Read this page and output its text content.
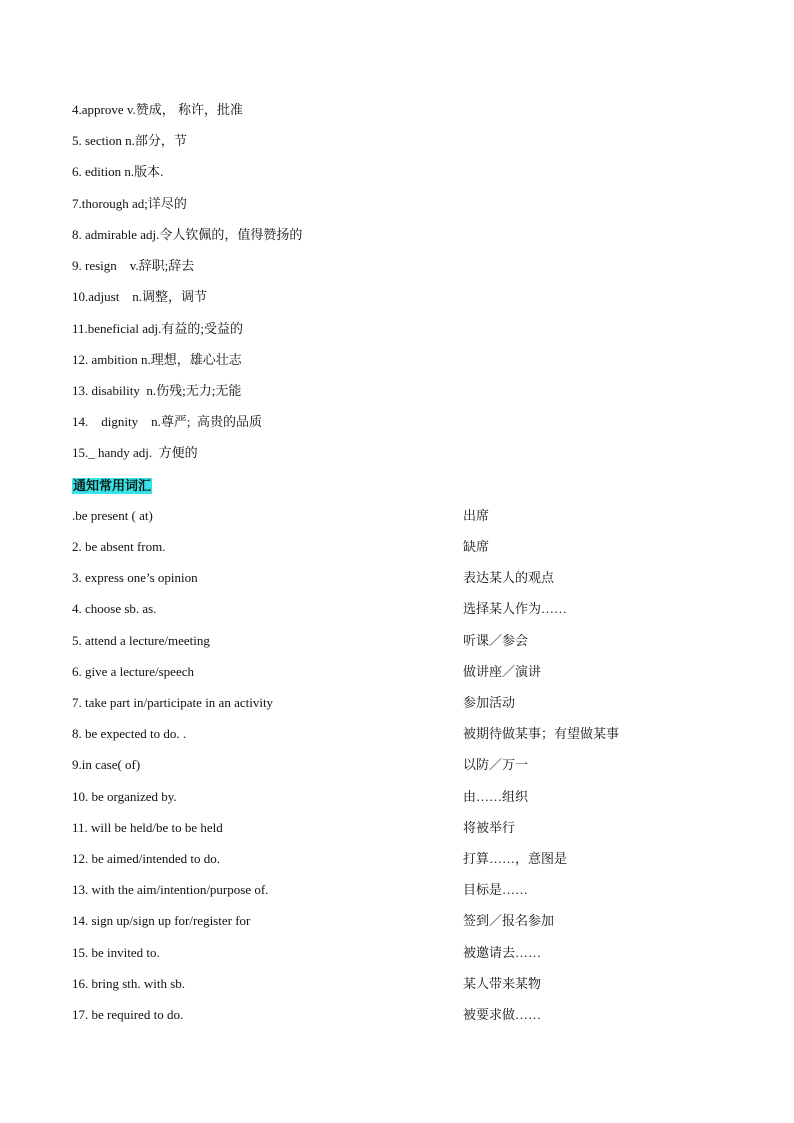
4.approve v.赞成， 称许，批准
5. section n.部分，节
6. edition n.版本.
7.thorough ad;详尽的
8. admirable adj.令人钦佩的，值得赞扬的
9. resign    v.辞职;辞去
10.adjust    n.调整，调节
11.beneficial adj.有益的;受益的
12. ambition n.理想，雄心壮志
13. disability  n.伤残;无力;无能
14.    dignity    n.尊严;  高贵的品质
15._ handy adj.  方便的
通知常用词汇
.be present ( at)	出席
2. be absent from.	缺席
3. express one’s opinion	表达某人的观点
4. choose sb. as.	选择某人作为……
5. attend a lecture/meeting	听课／参会
6. give a lecture/speech	做讲座／演讲
7. take part in/participate in an activity	参加活动
8. be expected to do. .	被期待做某事；有望做某事
9.in case( of)	以防／万一
10. be organized by.	由……组织
11. will be held/be to be held	将被举行
12. be aimed/intended to do.	打算……，意图是
13. with the aim/intention/purpose of.	目标是……
14. sign up/sign up for/register for	签到／报名参加
15. be invited to.	被邀请去……
16. bring sth. with sb.	某人带来某物
17. be required to do.	被要求做……
